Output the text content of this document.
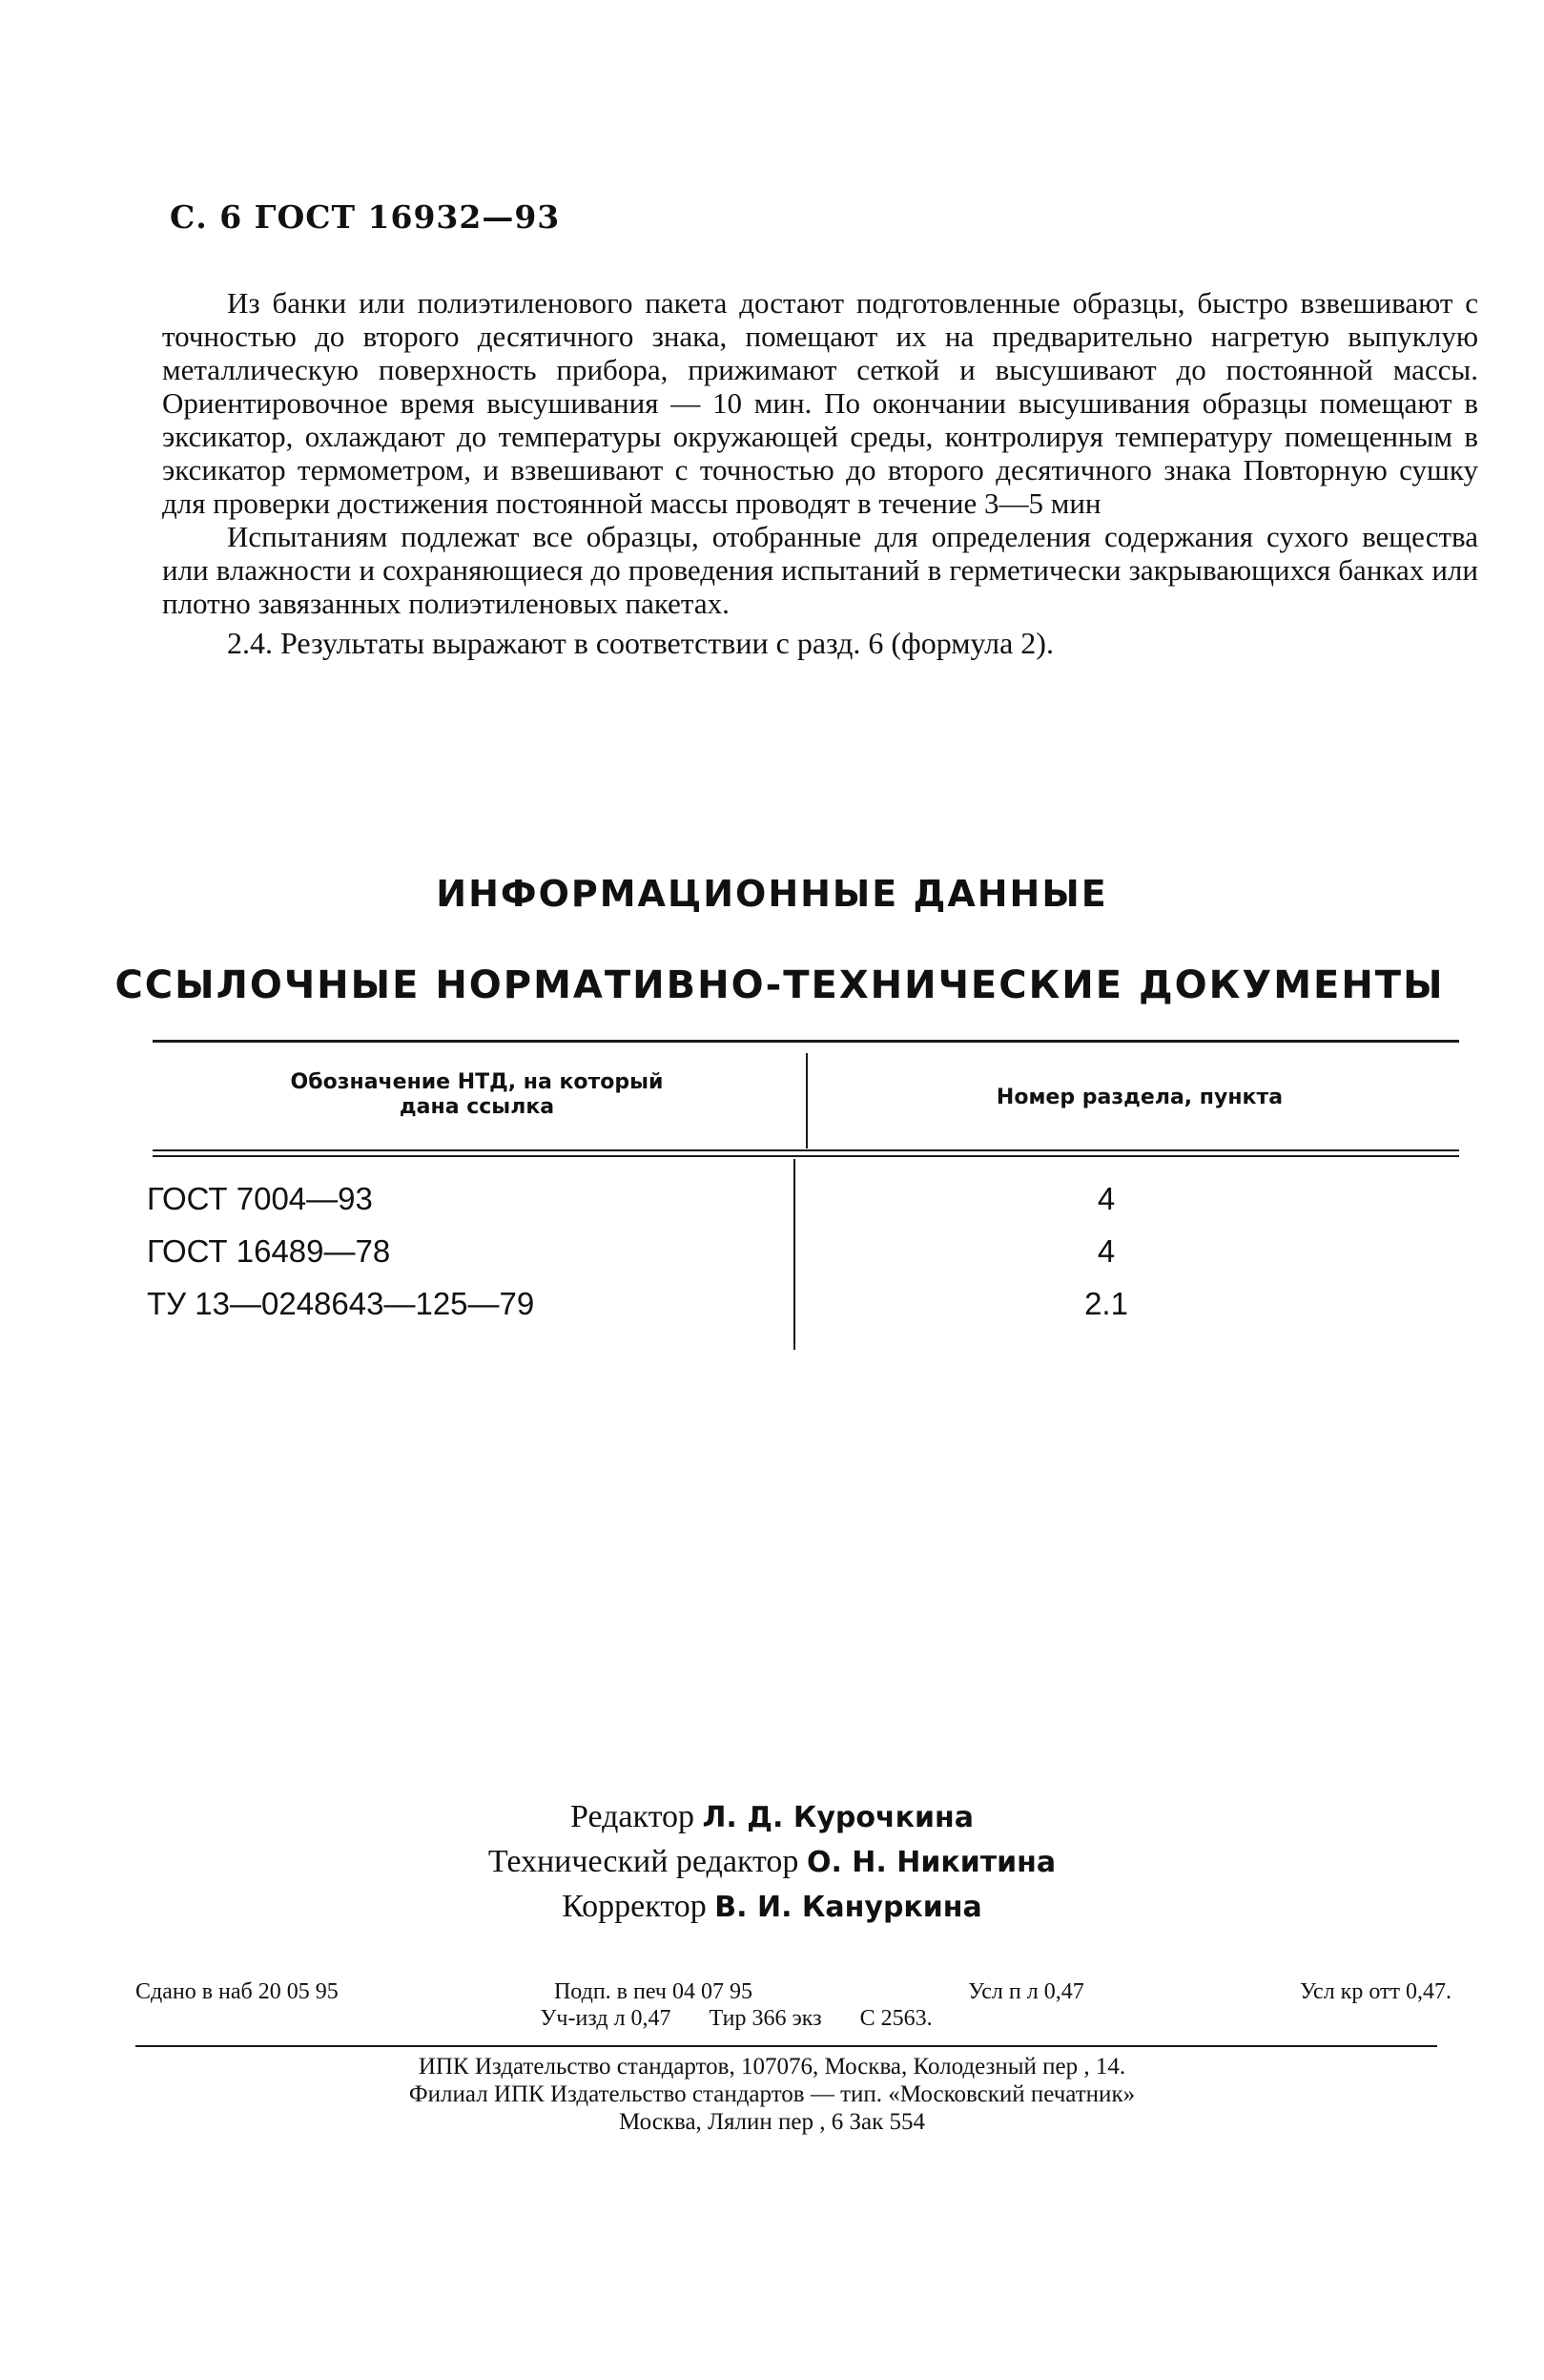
С. 6 ГОСТ 16932—93

Из банки или полиэтиленового пакета достают подготовленные образцы, быстро взвешивают с точностью до второго десятичного знака, помещают их на предварительно нагретую выпуклую металлическую поверхность прибора, прижимают сеткой и высушивают до постоянной массы. Ориентировочное время высушивания — 10 мин. По окончании высушивания образцы помещают в эксикатор, охлаждают до температуры окружающей среды, контролируя температуру помещенным в эксикатор термометром, и взвешивают с точностью до второго десятичного знака Повторную сушку для проверки достижения постоянной массы проводят в течение 3—5 мин

Испытаниям подлежат все образцы, отобранные для определения содержания сухого вещества или влажности и сохраняющиеся до проведения испытаний в герметически закрывающихся банках или плотно завязанных полиэтиленовых пакетах.

2.4. Результаты выражают в соответствии с разд. 6 (формула 2).

ИНФОРМАЦИОННЫЕ ДАННЫЕ
ССЫЛОЧНЫЕ НОРМАТИВНО-ТЕХНИЧЕСКИЕ ДОКУМЕНТЫ
Обозначение НТД, на который
дана ссылка	Номер раздела, пункта
ГОСТ 7004—93	4
ГОСТ 16489—78	4
ТУ 13—0248643—125—79	2.1
Редактор Л. Д. Курочкина
Технический редактор О. Н. Никитина
Корректор В. И. Кануркина
Сдано в наб 20 05 95	Подп. в печ 04 07 95	Усл п л 0,47	Усл кр отт 0,47.
Уч-изд л 0,47 Тир 366 экз С 2563.
ИПК Издательство стандартов, 107076, Москва, Колодезный пер , 14.
Филиал ИПК Издательство стандартов — тип. «Московский печатник»
Москва, Лялин пер , 6 Зак 554
